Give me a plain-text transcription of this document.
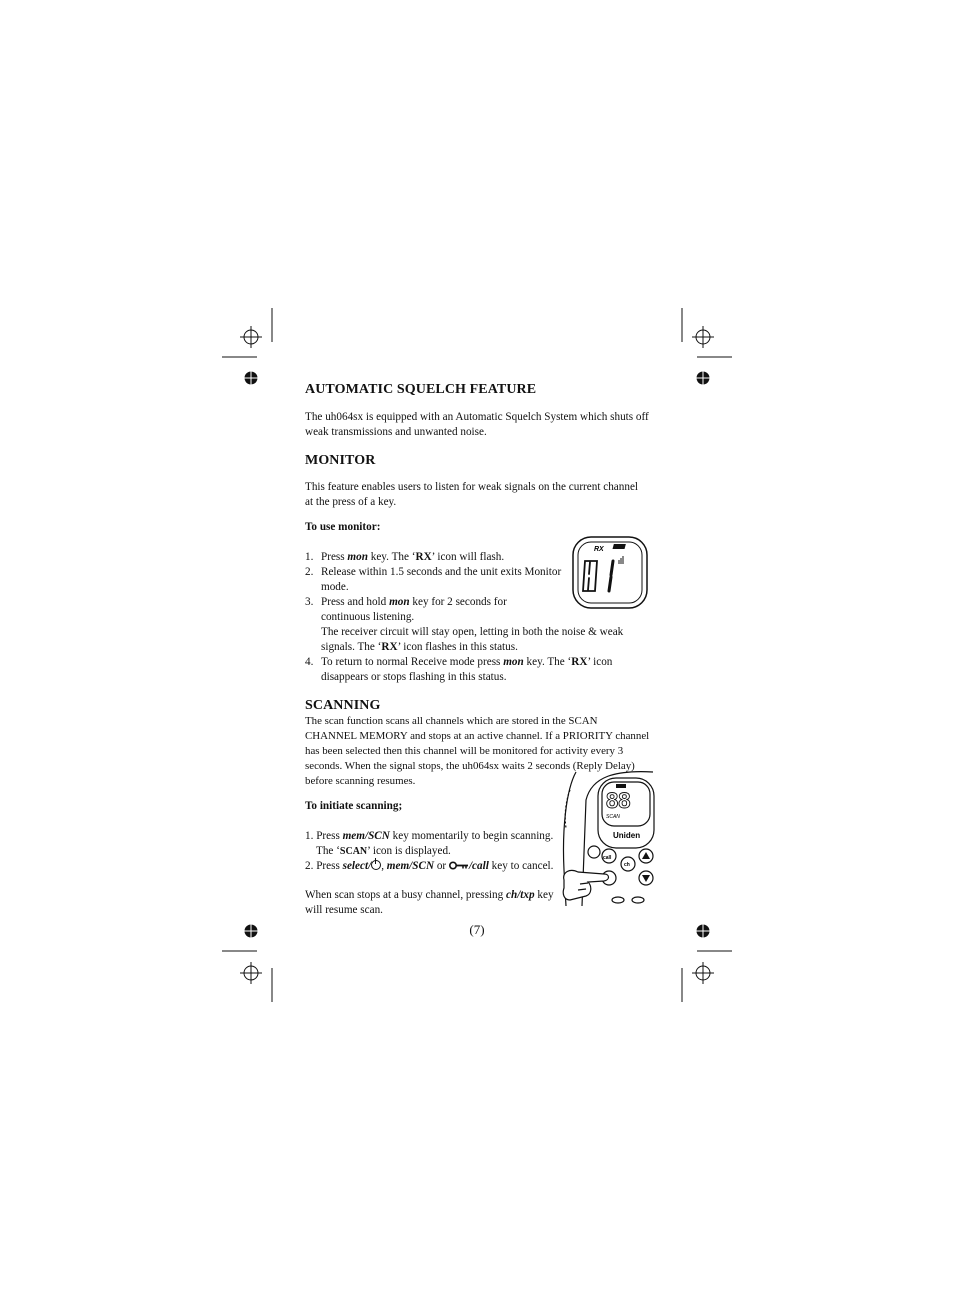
AUTOMATIC SQUELCH FEATURE

The uh064sx is equipped with an Automatic Squelch System which shuts off weak transmissions and unwanted noise.

MONITOR

This feature enables users to listen for weak signals on the current channel at the press of a key.

To use monitor:

1. Press mon key. The ‘RX’ icon will flash.
2. Release within 1.5 seconds and the unit exits Monitor mode.
3. Press and hold mon key for 2 seconds for continuous listening.
The receiver circuit will stay open, letting in both the noise & weak signals. The ‘RX’ icon flashes in this status.
4. To return to normal Receive mode press mon key. The ‘RX’ icon disappears or stops flashing in this status.
SCANNING

The scan function scans all channels which are stored in the SCAN CHANNEL MEMORY and stops at an active channel. If a PRIORITY channel has been selected then this channel will be monitored for activity every 3 seconds. When the signal stops, the uh064sx waits 2 seconds (Reply Delay) before scanning resumes.

To initiate scanning;

1. Press mem/SCN key momentarily to begin scanning.
The ‘SCAN’ icon is displayed.
2. Press select/ , mem/SCN or /call key to cancel.

When scan stops at a busy channel, pressing ch/txp key will resume scan.

RX
01
88
SCAN
Uniden
call
ch
(7)
